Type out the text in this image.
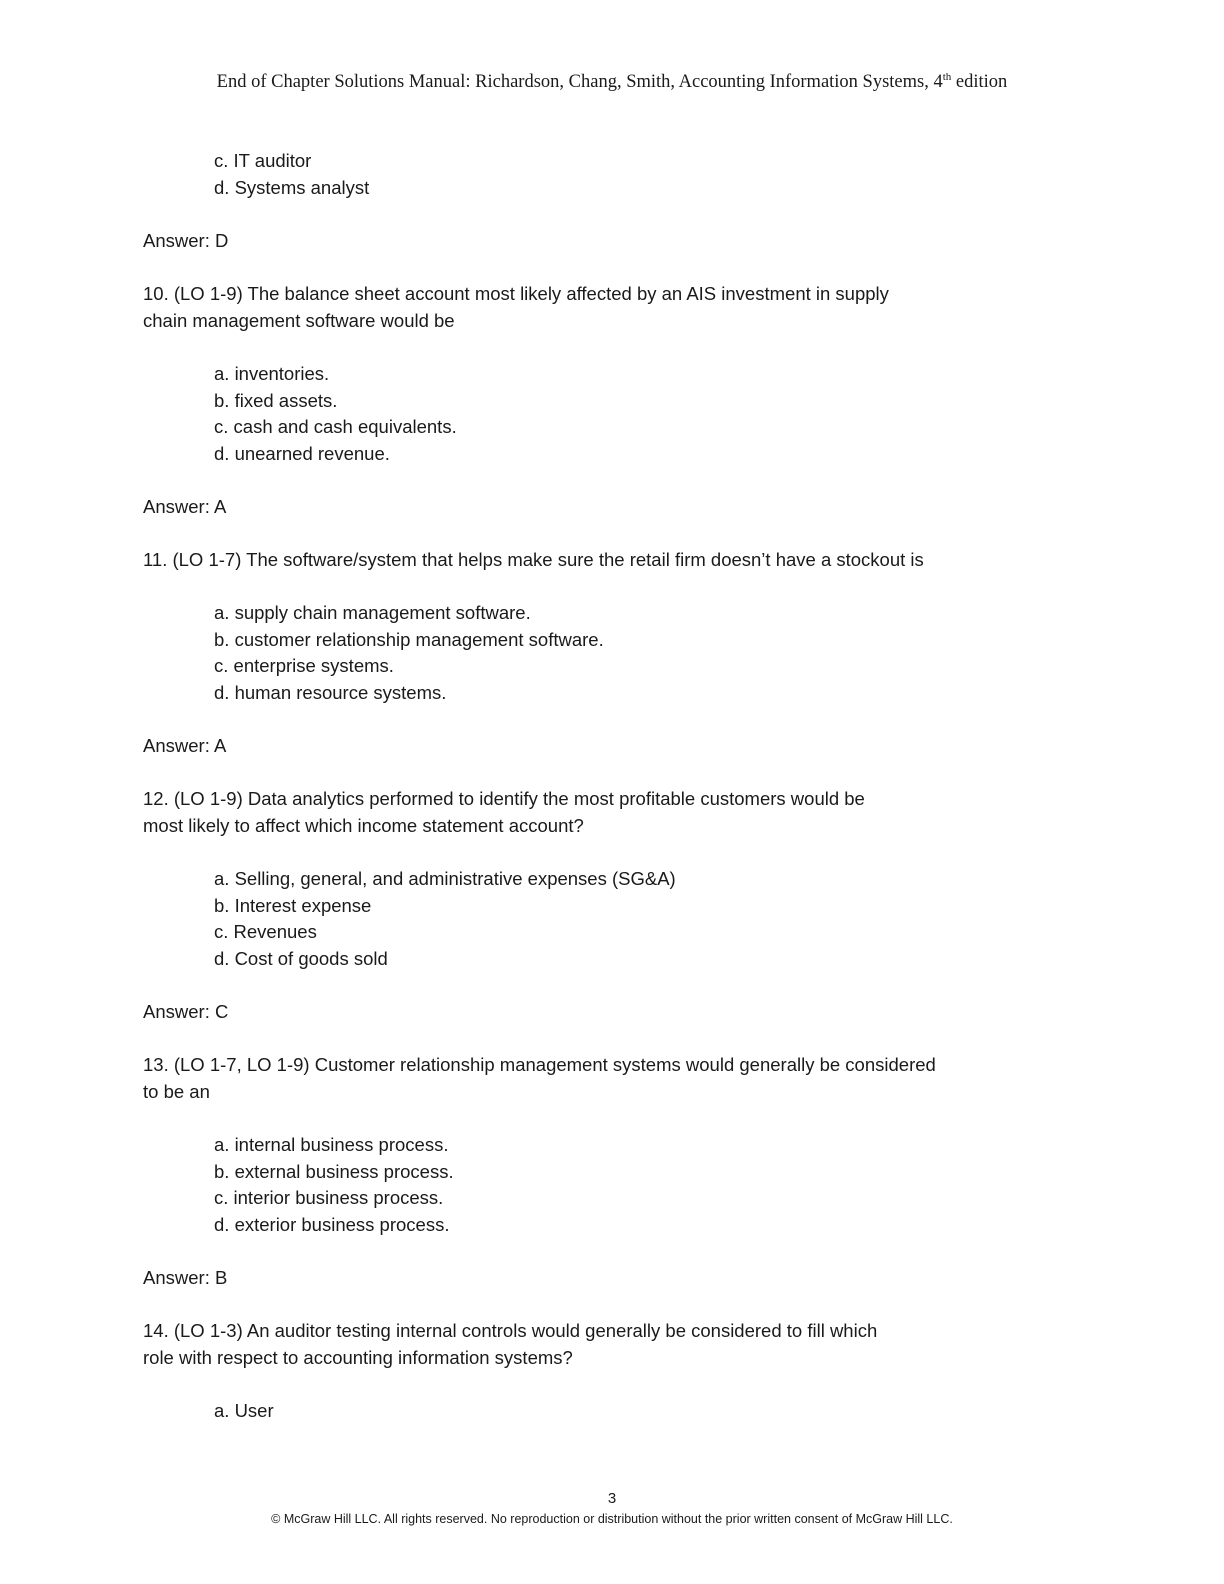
End of Chapter Solutions Manual: Richardson, Chang, Smith, Accounting Information Systems, 4th edition
c. IT auditor
d. Systems analyst
Answer: D
10. (LO 1-9) The balance sheet account most likely affected by an AIS investment in supply
chain management software would be
a. inventories.
b. fixed assets.
c. cash and cash equivalents.
d. unearned revenue.
Answer: A
11. (LO 1-7) The software/system that helps make sure the retail firm doesn’t have a stockout is
a. supply chain management software.
b. customer relationship management software.
c. enterprise systems.
d. human resource systems.
Answer: A
12. (LO 1-9) Data analytics performed to identify the most profitable customers would be
most likely to affect which income statement account?
a. Selling, general, and administrative expenses (SG&A)
b. Interest expense
c. Revenues
d. Cost of goods sold
Answer: C
13. (LO 1-7, LO 1-9) Customer relationship management systems would generally be considered
to be an
a. internal business process.
b. external business process.
c. interior business process.
d. exterior business process.
Answer: B
14. (LO 1-3) An auditor testing internal controls would generally be considered to fill which
role with respect to accounting information systems?
a. User
3
© McGraw Hill LLC. All rights reserved. No reproduction or distribution without the prior written consent of McGraw Hill LLC.
